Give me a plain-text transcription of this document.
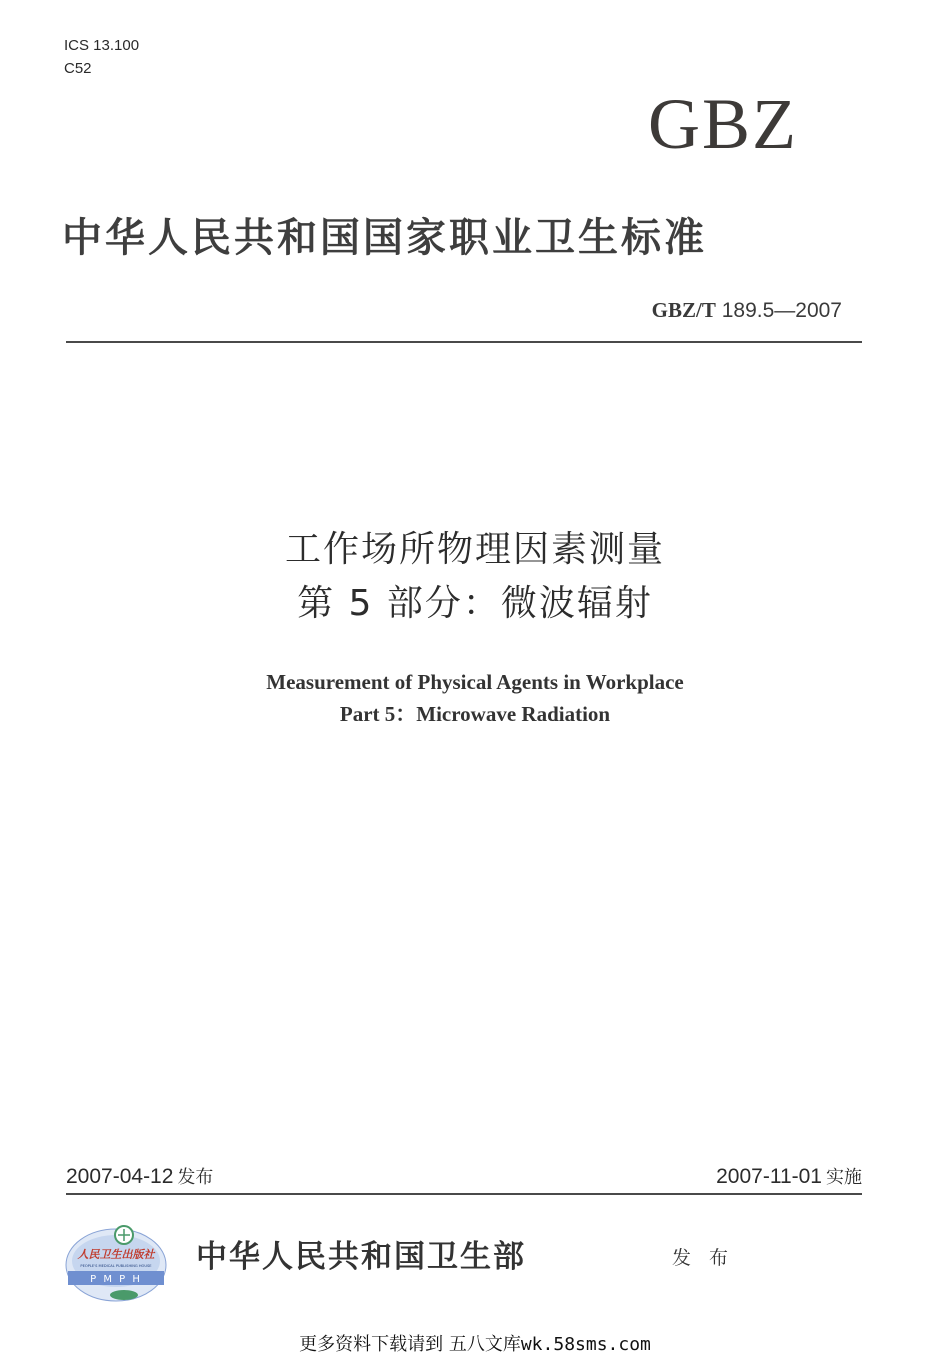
ICS 13.100
C52
GBZ
中华人民共和国国家职业卫生标准
GBZ/T 189.5—2007
工作场所物理因素测量
第 5 部分：微波辐射
Measurement of Physical Agents in Workplace
Part 5：Microwave Radiation
2007-04-12 发布	2007-11-01 实施
人民卫生出版社
PEOPLE'S MEDICAL PUBLISHING HOUSE
P M P H
中华人民共和国卫生部	发 布
更多资料下载请到 五八文库wk.58sms.com
